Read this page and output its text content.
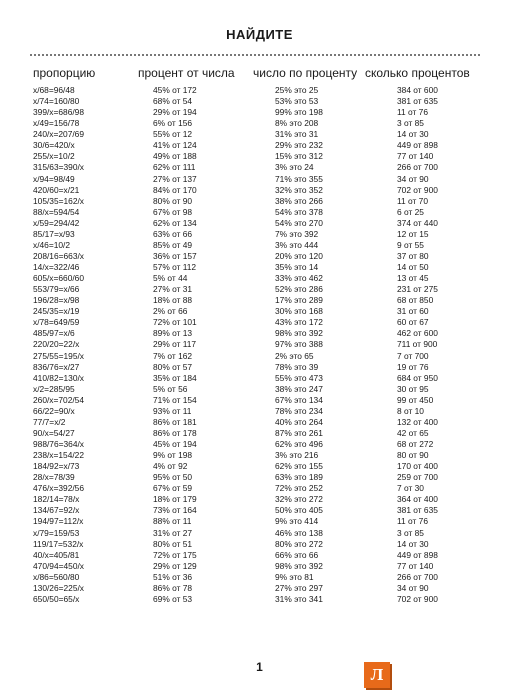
НАЙДИТЕ
пропорцию	процент от числа число по проценту сколько процентов
x/68=96/48
x/74=160/80
399/x=686/98
x/49=156/78
240/x=207/69
30/6=420/x
255/x=10/2
315/63=390/x
x/94=98/49
420/60=x/21
105/35=162/x
88/x=594/54
x/59=294/42
85/17=x/93
x/46=10/2
208/16=663/x
14/x=322/46
605/x=660/60
553/79=x/66
196/28=x/98
245/35=x/19
x/78=649/59
485/97=x/6
220/20=22/x
275/55=195/x
836/76=x/27
410/82=130/x
x/2=285/95
260/x=702/54
66/22=90/x
77/7=x/2
90/x=54/27
988/76=364/x
238/x=154/22
184/92=x/73
28/x=78/39
476/x=392/56
182/14=78/x
134/67=92/x
194/97=112/x
x/79=159/53
119/17=532/x
40/x=405/81
470/94=450/x
x/86=560/80
130/26=225/x
650/50=65/x
45% от 172
68% от 54
29% от 194
6% от 156
55% от 12
41% от 124
49% от 188
62% от 111
27% от 137
84% от 170
80% от 90
67% от 98
62% от 134
63% от 66
85% от 49
36% от 157
57% от 112
5% от 44
27% от 31
18% от 88
2% от 66
72% от 101
89% от 13
29% от 117
7% от 162
80% от 57
35% от 184
5% от 56
71% от 154
93% от 11
86% от 181
86% от 178
45% от 194
9% от 198
4% от 92
95% от 50
67% от 59
18% от 179
73% от 164
88% от 11
31% от 27
80% от 51
72% от 175
29% от 129
51% от 36
86% от 78
69% от 53
25% это 25
53% это 53
99% это 198
8% это 208
31% это 31
29% это 232
15% это 312
3% это 24
71% это 355
32% это 352
38% это 266
54% это 378
54% это 270
7% это 392
3% это 444
20% это 120
35% это 14
33% это 462
52% это 286
17% это 289
30% это 168
43% это 172
98% это 392
97% это 388
2% это 65
78% это 39
55% это 473
38% это 247
67% это 134
78% это 234
40% это 264
87% это 261
62% это 496
3% это 216
62% это 155
63% это 189
72% это 252
32% это 272
50% это 405
9% это 414
46% это 138
80% это 272
66% это 66
98% это 392
9% это 81
27% это 297
31% это 341
384 от 600
381 от 635
11 от 76
3 от 85
14 от 30
449 от 898
77 от 140
266 от 700
34 от 90
702 от 900
11 от 70
6 от 25
374 от 440
12 от 15
9 от 55
37 от 80
14 от 50
13 от 45
231 от 275
68 от 850
31 от 60
60 от 67
462 от 600
711 от 900
7 от 700
19 от 76
684 от 950
30 от 95
99 от 450
8 от 10
132 от 400
42 от 65
68 от 272
80 от 90
170 от 400
259 от 700
7 от 30
364 от 400
381 от 635
11 от 76
3 от 85
14 от 30
449 от 898
77 от 140
266 от 700
34 от 90
702 от 900
1	Л
